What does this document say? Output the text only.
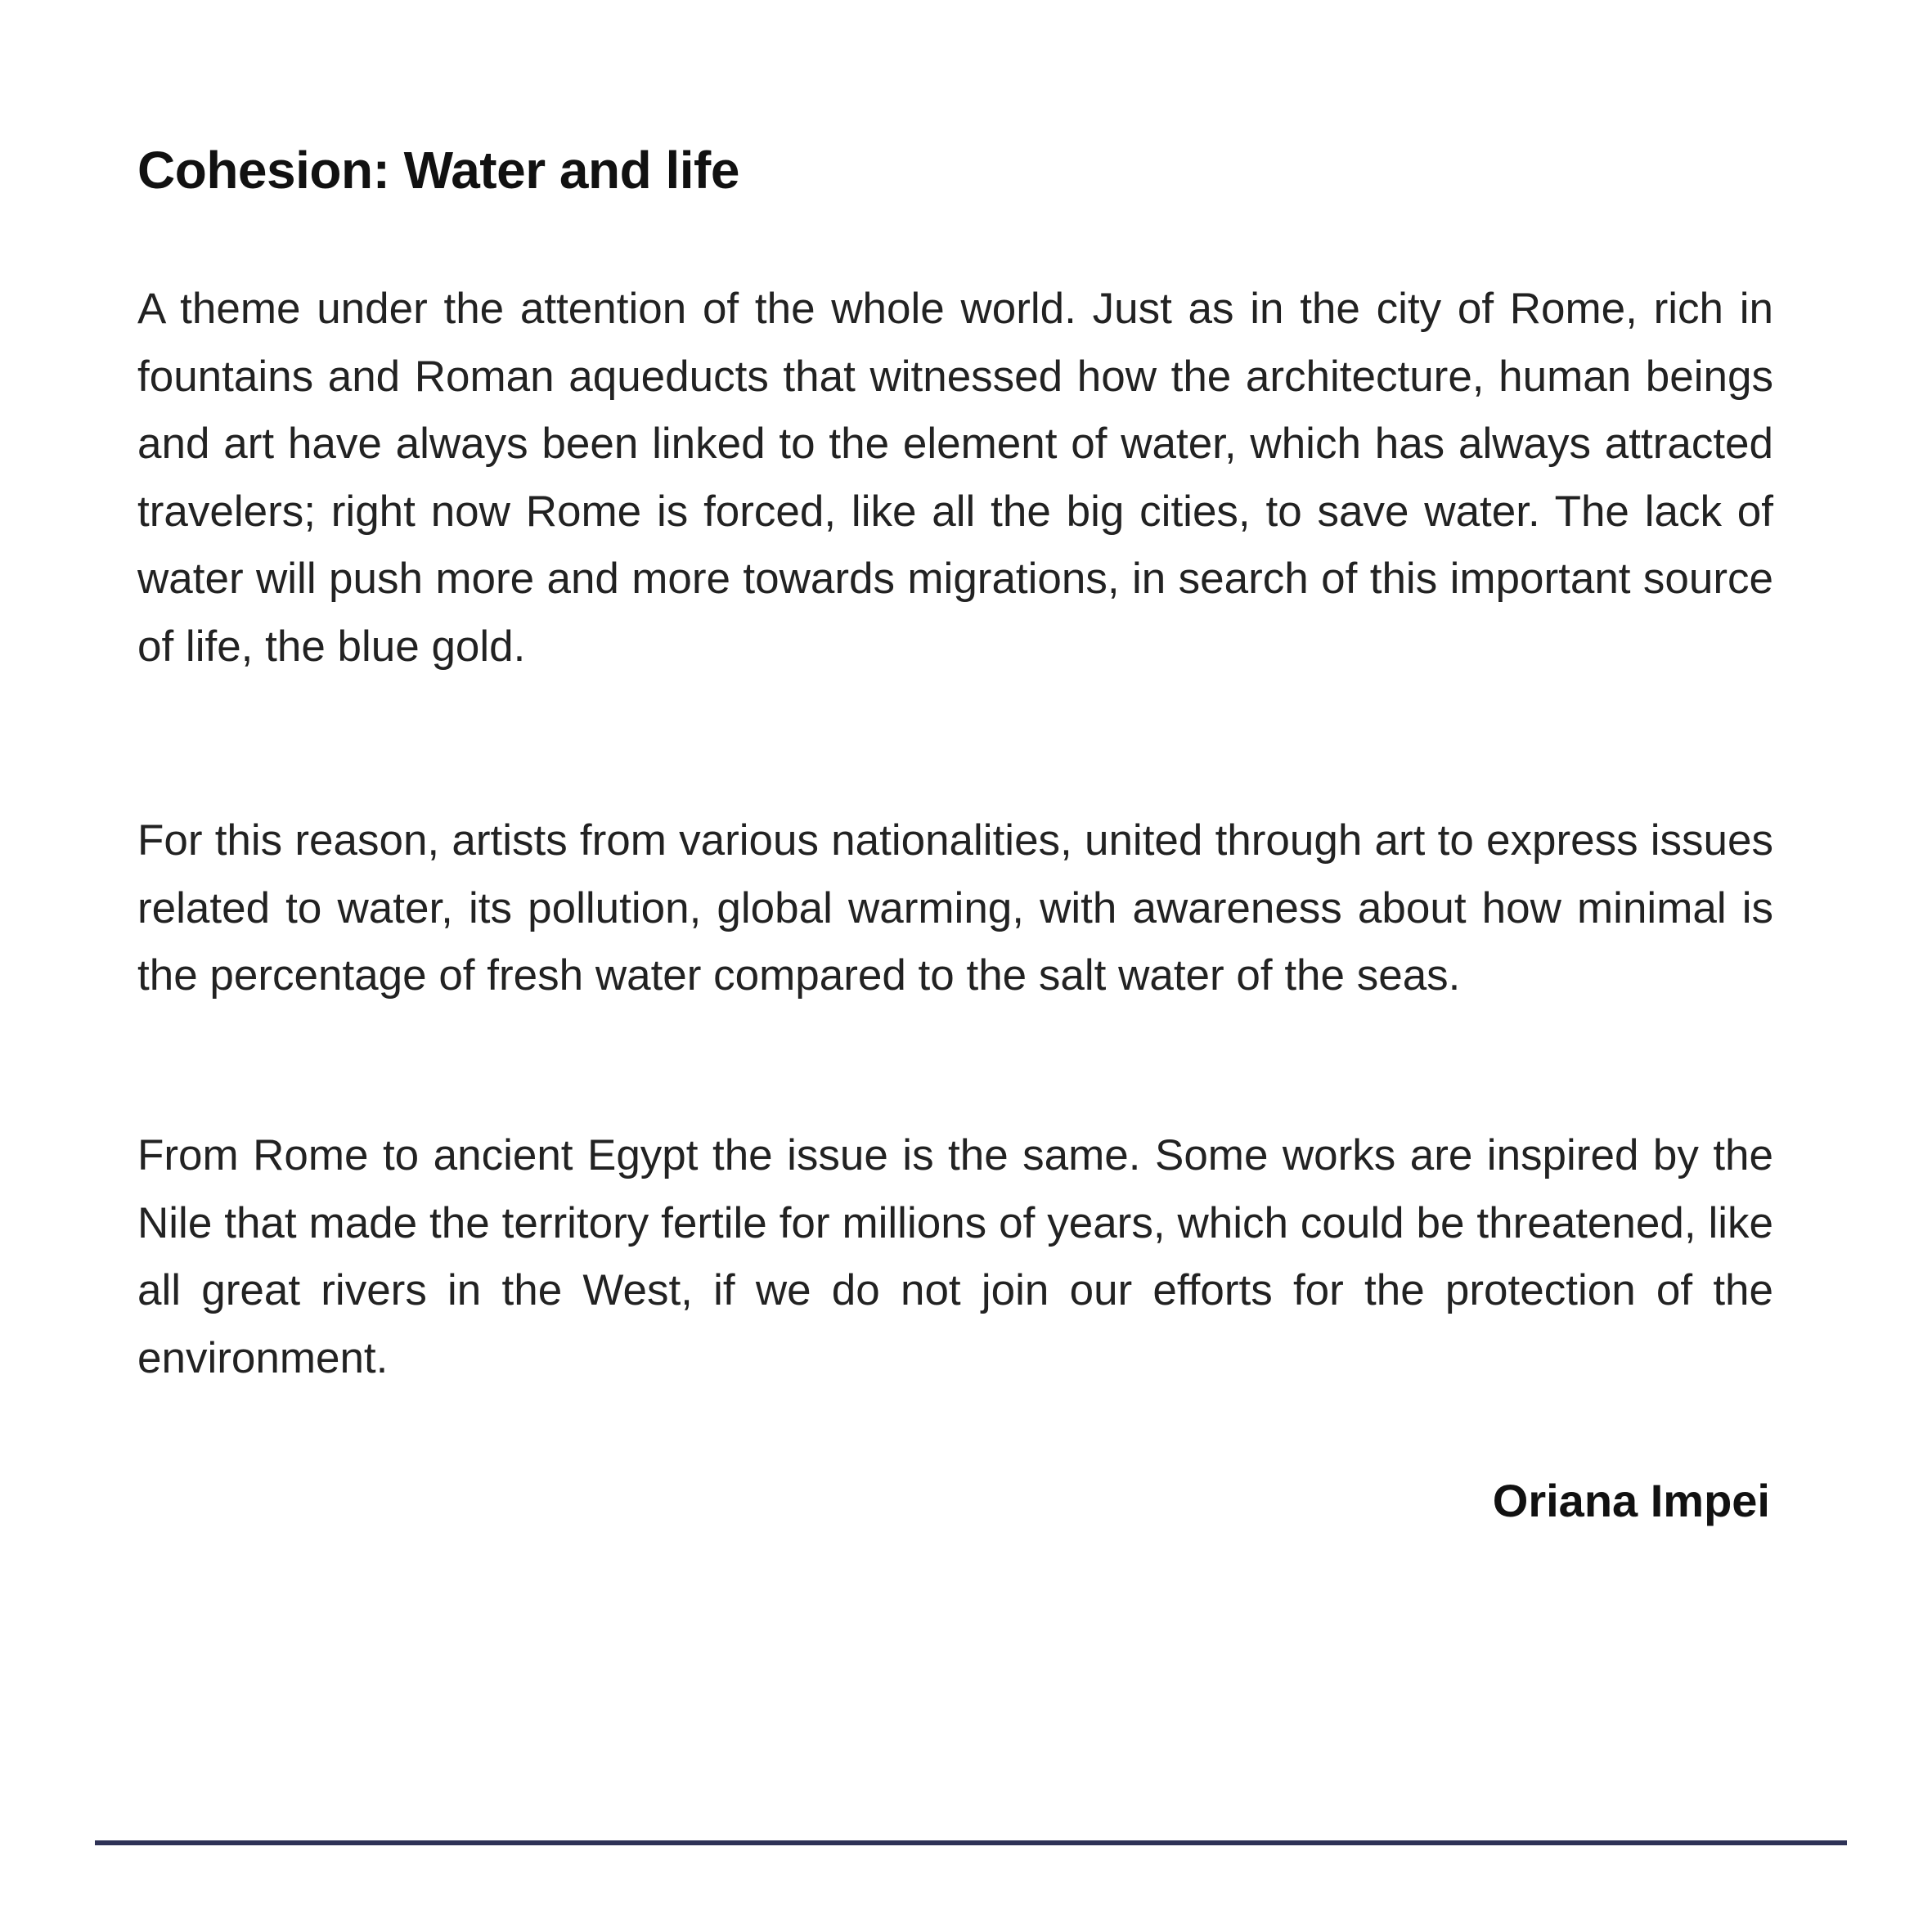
Cohesion: Water and life

A theme under the attention of the whole world. Just as in the city of Rome, rich in fountains and Roman aqueducts that witnessed how the architecture, human beings and art have always been linked to the element of water, which has always attracted travelers; right now Rome is forced, like all the big cities, to save water. The lack of water will push more and more towards migrations, in search of this important source of life, the blue gold.

For this reason, artists from various nationalities, united through art to express issues related to water, its pollution, global warming, with awareness about how minimal is the percentage of fresh water compared to the salt water of the seas.

From Rome to ancient Egypt the issue is the same. Some works are inspired by the Nile that made the territory fertile for millions of years, which could be threatened, like all great rivers in the West, if we do not join our efforts for the protection of the environment.

Oriana Impei
